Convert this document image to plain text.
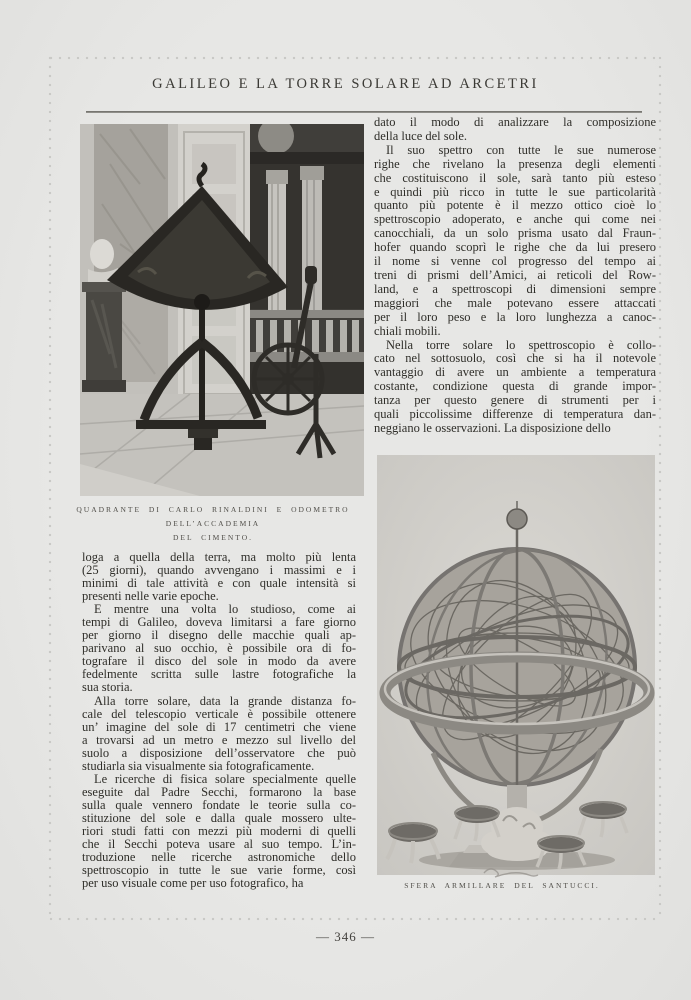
GALILEO E LA TORRE SOLARE AD ARCETRI
QUADRANTE DI CARLO RINALDINI E ODOMETRO DELL’ACCADEMIA
DEL CIMENTO.
dato il modo di analizzare la composizione
della luce del sole.
Il suo spettro con tutte le sue numerose
righe che rivelano la presenza degli elementi
che costituiscono il sole, sarà tanto più esteso
e quindi più ricco in tutte le sue particolarità
quanto più potente è il mezzo ottico cioè lo
spettroscopio adoperato, e anche qui come nei
canocchiali, da un solo prisma usato dal Fraun-
hofer quando scoprì le righe che da lui presero
il nome si venne col progresso del tempo ai
treni di prismi dell’Amici, ai reticoli del Row-
land, e a spettroscopi di dimensioni sempre
maggiori che male potevano essere attaccati
per il loro peso e la loro lunghezza a canoc-
chiali mobili.
Nella torre solare lo spettroscopio è collo-
cato nel sottosuolo, così che si ha il notevole
vantaggio di avere un ambiente a temperatura
costante, condizione questa di grande impor-
tanza per questo genere di strumenti per i
quali piccolissime differenze di temperatura dan-
neggiano le osservazioni. La disposizione dello
SFERA ARMILLARE DEL SANTUCCI.
loga a quella della terra, ma molto più lenta
(25 giorni), quando avvengano i massimi e i
minimi di tale attività e con quale intensità si
presenti nelle varie epoche.
E mentre una volta lo studioso, come ai
tempi di Galileo, doveva limitarsi a fare giorno
per giorno il disegno delle macchie quali ap-
parivano al suo occhio, è possibile ora di fo-
tografare il disco del sole in modo da avere
fedelmente scritta sulle lastre fotografiche la
sua storia.
Alla torre solare, data la grande distanza fo-
cale del telescopio verticale è possibile ottenere
un’ imagine del sole di 17 centimetri che viene
a trovarsi ad un metro e mezzo sul livello del
suolo a disposizione dell’osservatore che può
studiarla sia visualmente sia fotograficamente.
Le ricerche di fisica solare specialmente quelle
eseguite dal Padre Secchi, formarono la base
sulla quale vennero fondate le teorie sulla co-
stituzione del sole e dalla quale mossero ulte-
riori studi fatti con mezzi più moderni di quelli
che il Secchi poteva usare al suo tempo. L’in-
troduzione nelle ricerche astronomiche dello
spettroscopio in tutte le sue varie forme, così
per uso visuale come per uso fotografico, ha
— 346 —
